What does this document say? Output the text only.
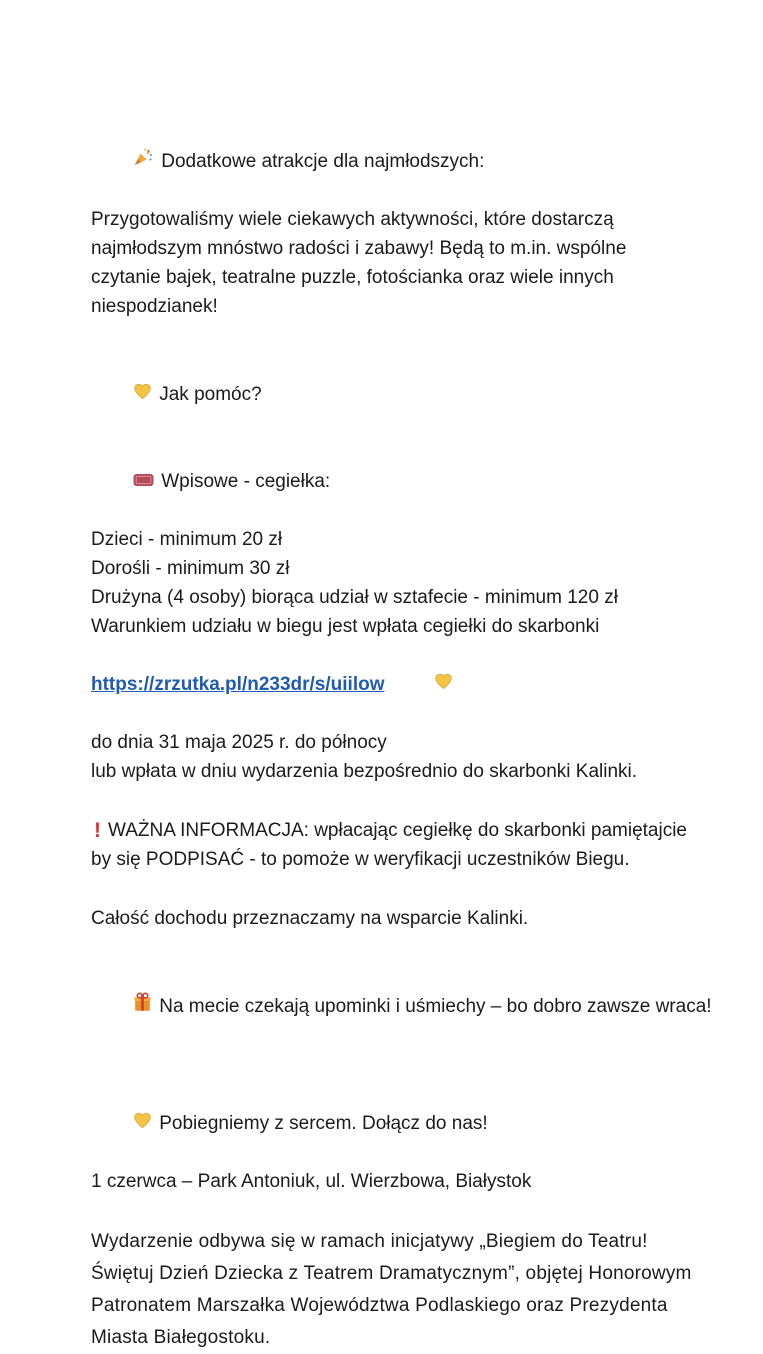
Dodatkowe atrakcje dla najmłodszych:
Przygotowaliśmy wiele ciekawych aktywności, które dostarczą
najmłodszym mnóstwo radości i zabawy! Będą to m.in. wspólne
czytanie bajek, teatralne puzzle, fotościanka oraz wiele innych
niespodzianek!

Jak pomóc?

Wpisowe - cegiełka:
Dzieci - minimum 20 zł
Dorośli - minimum 30 zł
Drużyna (4 osoby) biorąca udział w sztafecie - minimum 120 zł
Warunkiem udziału w biegu jest wpłata cegiełki do skarbonki
https://zrzutka.pl/n233dr/s/uiilow

do dnia 31 maja 2025 r. do północy
lub wpłata w dniu wydarzenia bezpośrednio do skarbonki Kalinki.
! WAŻNA INFORMACJA: wpłacając cegiełkę do skarbonki pamiętajcie
by się PODPISAĆ - to pomoże w weryfikacji uczestników Biegu.
Całość dochodu przeznaczamy na wsparcie Kalinki.

Na mecie czekają upominki i uśmiechy – bo dobro zawsze wraca!

Pobiegniemy z sercem. Dołącz do nas!
1 czerwca – Park Antoniuk, ul. Wierzbowa, Białystok
Wydarzenie odbywa się w ramach inicjatywy „Biegiem do Teatru!
Świętuj Dzień Dziecka z Teatrem Dramatycznym”, objętej Honorowym
Patronatem Marszałka Województwa Podlaskiego oraz Prezydenta
Miasta Białegostoku.
